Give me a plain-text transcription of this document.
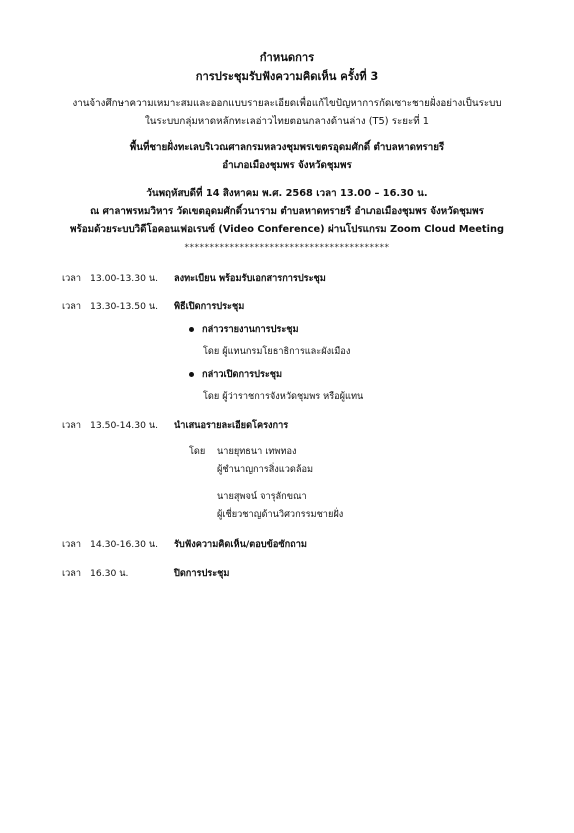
กำหนดการ
การประชุมรับฟังความคิดเห็น ครั้งที่ 3
งานจ้างศึกษาความเหมาะสมและออกแบบรายละเอียดเพื่อแก้ไขปัญหาการกัดเซาะชายฝั่งอย่างเป็นระบบ
ในระบบกลุ่มหาดหลักทะเลอ่าวไทยตอนกลางด้านล่าง (T5) ระยะที่ 1
พื้นที่ชายฝั่งทะเลบริเวณศาลกรมหลวงชุมพรเขตรอุดมศักดิ์ ตำบลหาดทรายรี
อำเภอเมืองชุมพร จังหวัดชุมพร
วันพฤหัสบดีที่ 14 สิงหาคม พ.ศ. 2568 เวลา 13.00 – 16.30 น.
ณ ศาลาพรหมวิหาร วัดเขตอุดมศักดิ์วนาราม ตำบลหาดทรายรี อำเภอเมืองชุมพร จังหวัดชุมพร
พร้อมด้วยระบบวิดีโอคอนเฟอเรนซ์ (Video Conference) ผ่านโปรแกรม Zoom Cloud Meeting
*****************************************
เวลา 13.00-13.30 น. ลงทะเบียน พร้อมรับเอกสารการประชุม
เวลา 13.30-13.50 น. พิธีเปิดการประชุม
กล่าวรายงานการประชุม
โดย ผู้แทนกรมโยธาธิการและผังเมือง
กล่าวเปิดการประชุม
โดย ผู้ว่าราชการจังหวัดชุมพร หรือผู้แทน
เวลา 13.50-14.30 น. นำเสนอรายละเอียดโครงการ
โดย นายยุทธนา เทพทอง
ผู้ชำนาญการสิ่งแวดล้อม
นายสุพจน์ จารุลักขณา
ผู้เชี่ยวชาญด้านวิศวกรรมชายฝั่ง
เวลา 14.30-16.30 น. รับฟังความคิดเห็น/ตอบข้อซักถาม
เวลา 16.30 น.	ปิดการประชุม
